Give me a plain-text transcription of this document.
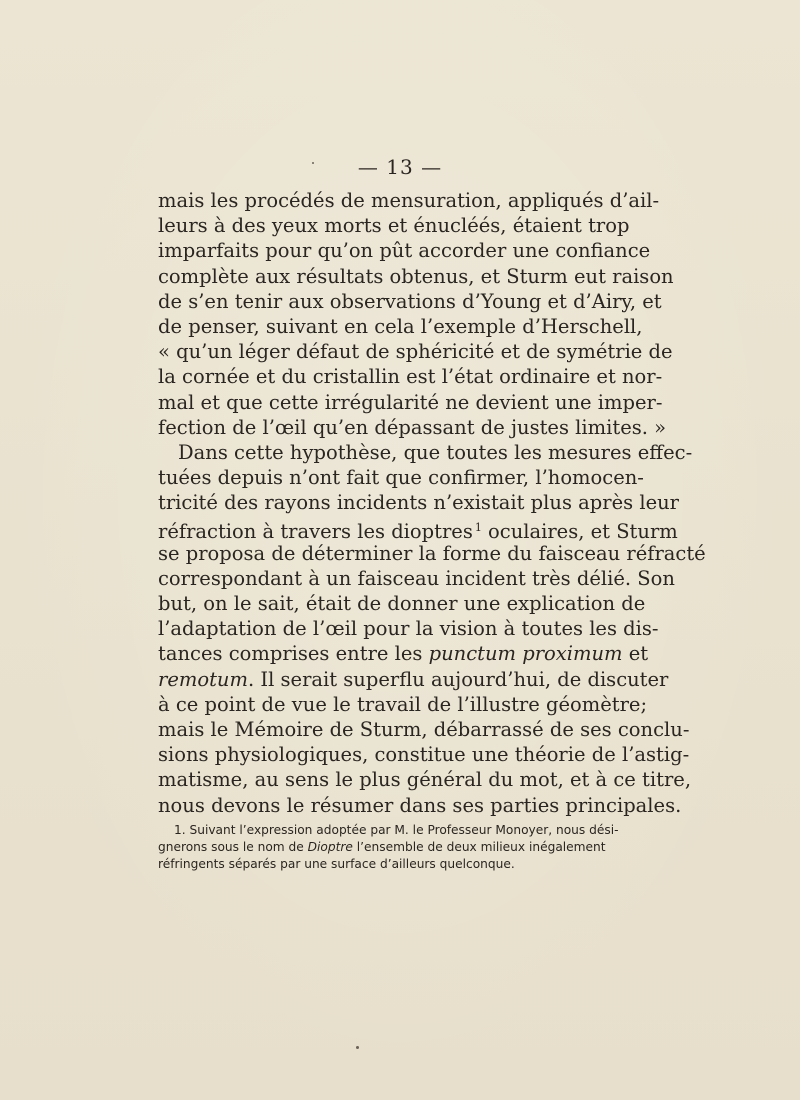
— 13 —
mais les procédés de mensuration, appliqués d’ail-
leurs à des yeux morts et énucléés, étaient trop
imparfaits pour qu’on pût accorder une confiance
complète aux résultats obtenus, et Sturm eut raison
de s’en tenir aux observations d’Young et d’Airy, et
de penser, suivant en cela l’exemple d’Herschell,
« qu’un léger défaut de sphéricité et de symétrie de
la cornée et du cristallin est l’état ordinaire et nor-
mal et que cette irrégularité ne devient une imper-
fection de l’œil qu’en dépassant de justes limites. »
Dans cette hypothèse, que toutes les mesures effec-
tuées depuis n’ont fait que confirmer, l’homocen-
tricité des rayons incidents n’existait plus après leur
réfraction à travers les dioptres $^1$ oculaires, et Sturm
se proposa de déterminer la forme du faisceau réfracté
correspondant à un faisceau incident très délié. Son
but, on le sait, était de donner une explication de
l’adaptation de l’œil pour la vision à toutes les dis-
tances comprises entre les punctum proximum et
remotum. Il serait superflu aujourd’hui, de discuter
à ce point de vue le travail de l’illustre géomètre;
mais le Mémoire de Sturm, débarrassé de ses conclu-
sions physiologiques, constitue une théorie de l’astig-
matisme, au sens le plus général du mot, et à ce titre,
nous devons le résumer dans ses parties principales.
1. Suivant l’expression adoptée par M. le Professeur Monoyer, nous dési-
gnerons sous le nom de Dioptre l’ensemble de deux milieux inégalement
réfringents séparés par une surface d’ailleurs quelconque.
